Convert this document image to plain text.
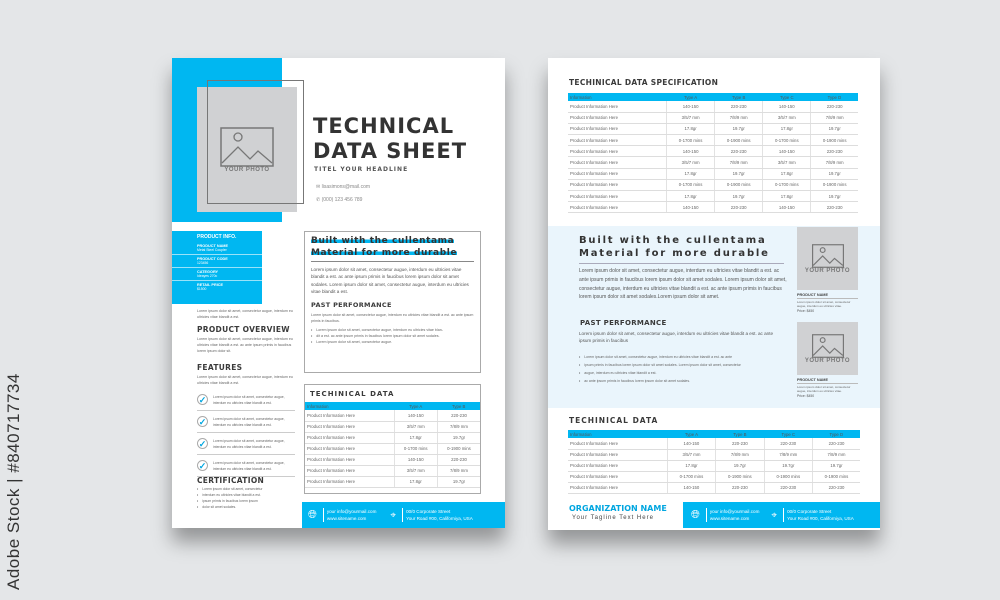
Adobe Stock | #840717734
YOUR PHOTO
TECHNICAL
DATA SHEET
TITEL YOUR HEADLINE
✉ lisasimons@mail.com
✆ (000) 123 456 789
PRODUCT INFO.
PRODUCT NAME
Metal Steel Coupler
PRODUCT CODE
123456
CATEGORY
Ideayes 270c
RETAIL PRICE
$1500
Lorem ipsum dolor sit amet, consectetur augue, interdum eu ultricies vitae blandit a est.
PRODUCT OVERVIEW
Lorem ipsum dolor sit amet, consectetur augue, interdum eu ultricies vitae blandit a est. ac ante ipsum primis in faucibus lorem ipsum dolor sit.
FEATURES
Lorem ipsum dolor sit amet, consectetur augue, interdum eu ultricies vitae blandit a est.
✓	Lorem ipsum dolor sit amet, consectetur augue, interdum eu ultricies vitae blandit a est.
✓	Lorem ipsum dolor sit amet, consectetur augue, interdum eu ultricies vitae blandit a est.
✓	Lorem ipsum dolor sit amet, consectetur augue, interdum eu ultricies vitae blandit a est.
✓	Lorem ipsum dolor sit amet, consectetur augue, interdum eu ultricies vitae blandit a est.
CERTIFICATION
• Lorem ipsum dolor sit amet, consectetur
• interdum eu ultricies vitae blandit a est.
• ipsum primis in faucibus lorem ipsum
• dolor sit amet sodales.
Built with the cullentama
Material for more durable
Lorem ipsum dolor sit amet, consectetur augue, interdum eu ultricies vitae blandit a est. ac ante ipsum primis in faucibus lorem ipsum dolor sit amet sodales. Lorem ipsum dolor sit amet, consectetur augue, interdum eu ultricies vitae blandit a est.
PAST PERFORMANCE
Lorem ipsum dolor sit amet, consectetur augue, interdum eu ultricies vitae blandit a est. ac ante ipsum primis in faucibus.
• Lorem ipsum dolor sit amet, consectetur augue, interdum eu ultricies vitae blan-
• dit a est. ac ante ipsum primis in faucibus lorem ipsum dolor sit amet sodales.
• Lorem ipsum dolor sit amet, consectetur augue.
TECHINICAL DATA
Information	Type A	Type B
Product Information Here	140-150	220-230
Product Information Here	3/5/7 mm	7/8/9 mm
Product Information Here	17.8gr	19.7gr
Product Information Here	0-1700 mins	0-1900 mins
Product Information Here	140-150	220-230
Product Information Here	3/5/7 mm	7/8/9 mm
Product Information Here	17.8gr	19.7gr
🌐︎ your info@yourmail.com
www.sitename.com	⌖ 00/0 Corporate Street
Your Road #00, Californiya, USA
TECHINICAL DATA SPECIFICATION
Information	Type A	Type B	Type C	Type D
Product Information Here	140-150	220-230	140-150	220-230
Product Information Here	3/5/7 mm	7/8/9 mm	3/5/7 mm	7/8/9 mm
Product Information Here	17.8gr	19.7gr	17.8gr	19.7gr
Product Information Here	0-1700 mins	0-1900 mins	0-1700 mins	0-1900 mins
Product Information Here	140-150	220-230	140-150	220-230
Product Information Here	3/5/7 mm	7/8/9 mm	3/5/7 mm	7/8/9 mm
Product Information Here	17.8gr	19.7gr	17.8gr	19.7gr
Product Information Here	0-1700 mins	0-1900 mins	0-1700 mins	0-1900 mins
Product Information Here	17.8gr	19.7gr	17.8gr	19.7gr
Product Information Here	140-150	220-230	140-150	220-230
Built with the cullentama
Material for more durable
Lorem ipsum dolor sit amet, consectetur augue, interdum eu ultricies vitae blandit a est. ac ante ipsum primis in faucibus lorem ipsum dolor sit amet sodales. Lorem ipsum dolor sit amet, consectetur augue, interdum eu ultricies vitae blandit a est. ac ante ipsum primis in faucibus lorem ipsum dolor sit amet sodales.Lorem ipsum dolor sit amet.
PAST PERFORMANCE
Lorem ipsum dolor sit amet, consectetur augue, interdum eu ultricies vitae blandit a est. ac ante ipsum primis in faucibus
• Lorem ipsum dolor sit amet, consectetur augue, interdum eu ultricies vitae blandit a est. ac ante
• ipsum primis in faucibus lorem ipsum dolor sit amet sodales. Lorem ipsum dolor sit amet, consectetur
• augue, interdum eu ultricies vitae blandit a est.
• ac ante ipsum primis in faucibus lorem ipsum dolor sit amet sodales.
YOUR PHOTO
PRODUCT NAME
Lorem ipsum dolor sit amet, consectetur augue, interdum eu ultricies vitae.
Price: $450
YOUR PHOTO
PRODUCT NAME
Lorem ipsum dolor sit amet, consectetur augue, interdum eu ultricies vitae.
Price: $450
TECHINICAL DATA
Information	Type A	Type B	Type C	Type D
Product Information Here	140-150	220-230	220-230	220-230
Product Information Here	3/5/7 mm	7/8/9 mm	7/8/9 mm	7/8/9 mm
Product Information Here	17.8gr	19.7gr	19.7gr	19.7gr
Product Information Here	0-1700 mins	0-1900 mins	0-1900 mins	0-1900 mins
Product Information Here	140-150	220-230	220-230	220-230
ORGANIZATION NAME
Your Tagline Text Here	🌐︎ your info@yourmail.com
www.sitename.com	⌖ 00/0 Corporate Street
Your Road #00, Californiya, USA
